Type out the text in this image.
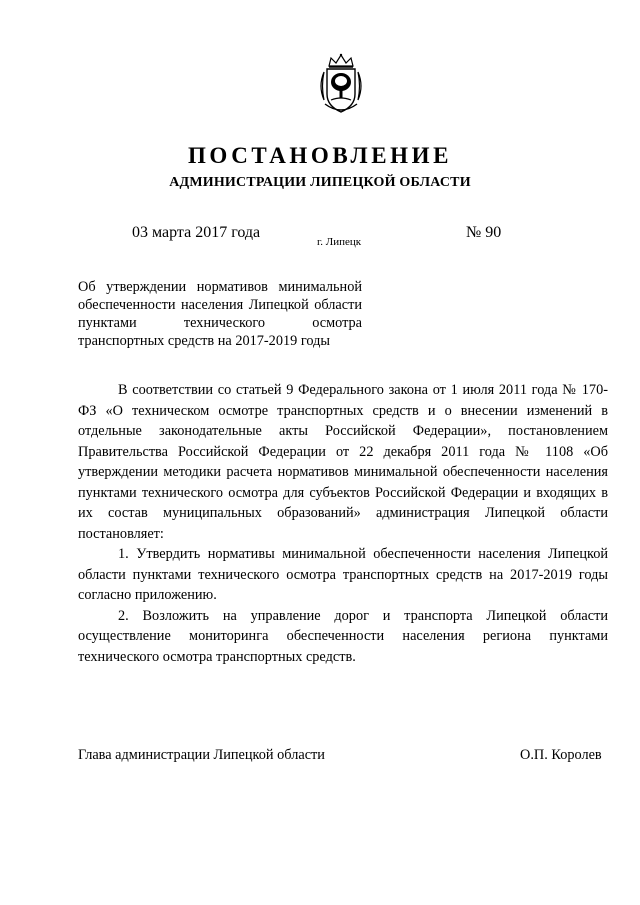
ПОСТАНОВЛЕНИЕ
АДМИНИСТРАЦИИ ЛИПЕЦКОЙ ОБЛАСТИ
03 марта 2017 года
г. Липецк
№ 90
Об утверждении нормативов минимальной обеспеченности населения Липецкой области пунктами технического осмотра транспортных средств на 2017-2019 годы

В соответствии со статьей 9 Федерального закона от 1 июля 2011 года № 170-ФЗ «О техническом осмотре транспортных средств и о внесении изменений в отдельные законодательные акты Российской Федерации», постановлением Правительства Российской Федерации от 22 декабря 2011 года № 1108 «Об утверждении методики расчета нормативов минимальной обеспеченности населения пунктами технического осмотра для субъектов Российской Федерации и входящих в их состав муниципальных образований» администрация Липецкой области постановляет:

1. Утвердить нормативы минимальной обеспеченности населения Липецкой области пунктами технического осмотра транспортных средств на 2017-2019 годы согласно приложению.

2. Возложить на управление дорог и транспорта Липецкой области осуществление мониторинга обеспеченности населения региона пунктами технического осмотра транспортных средств.

Глава администрации Липецкой области	О.П. Королев
